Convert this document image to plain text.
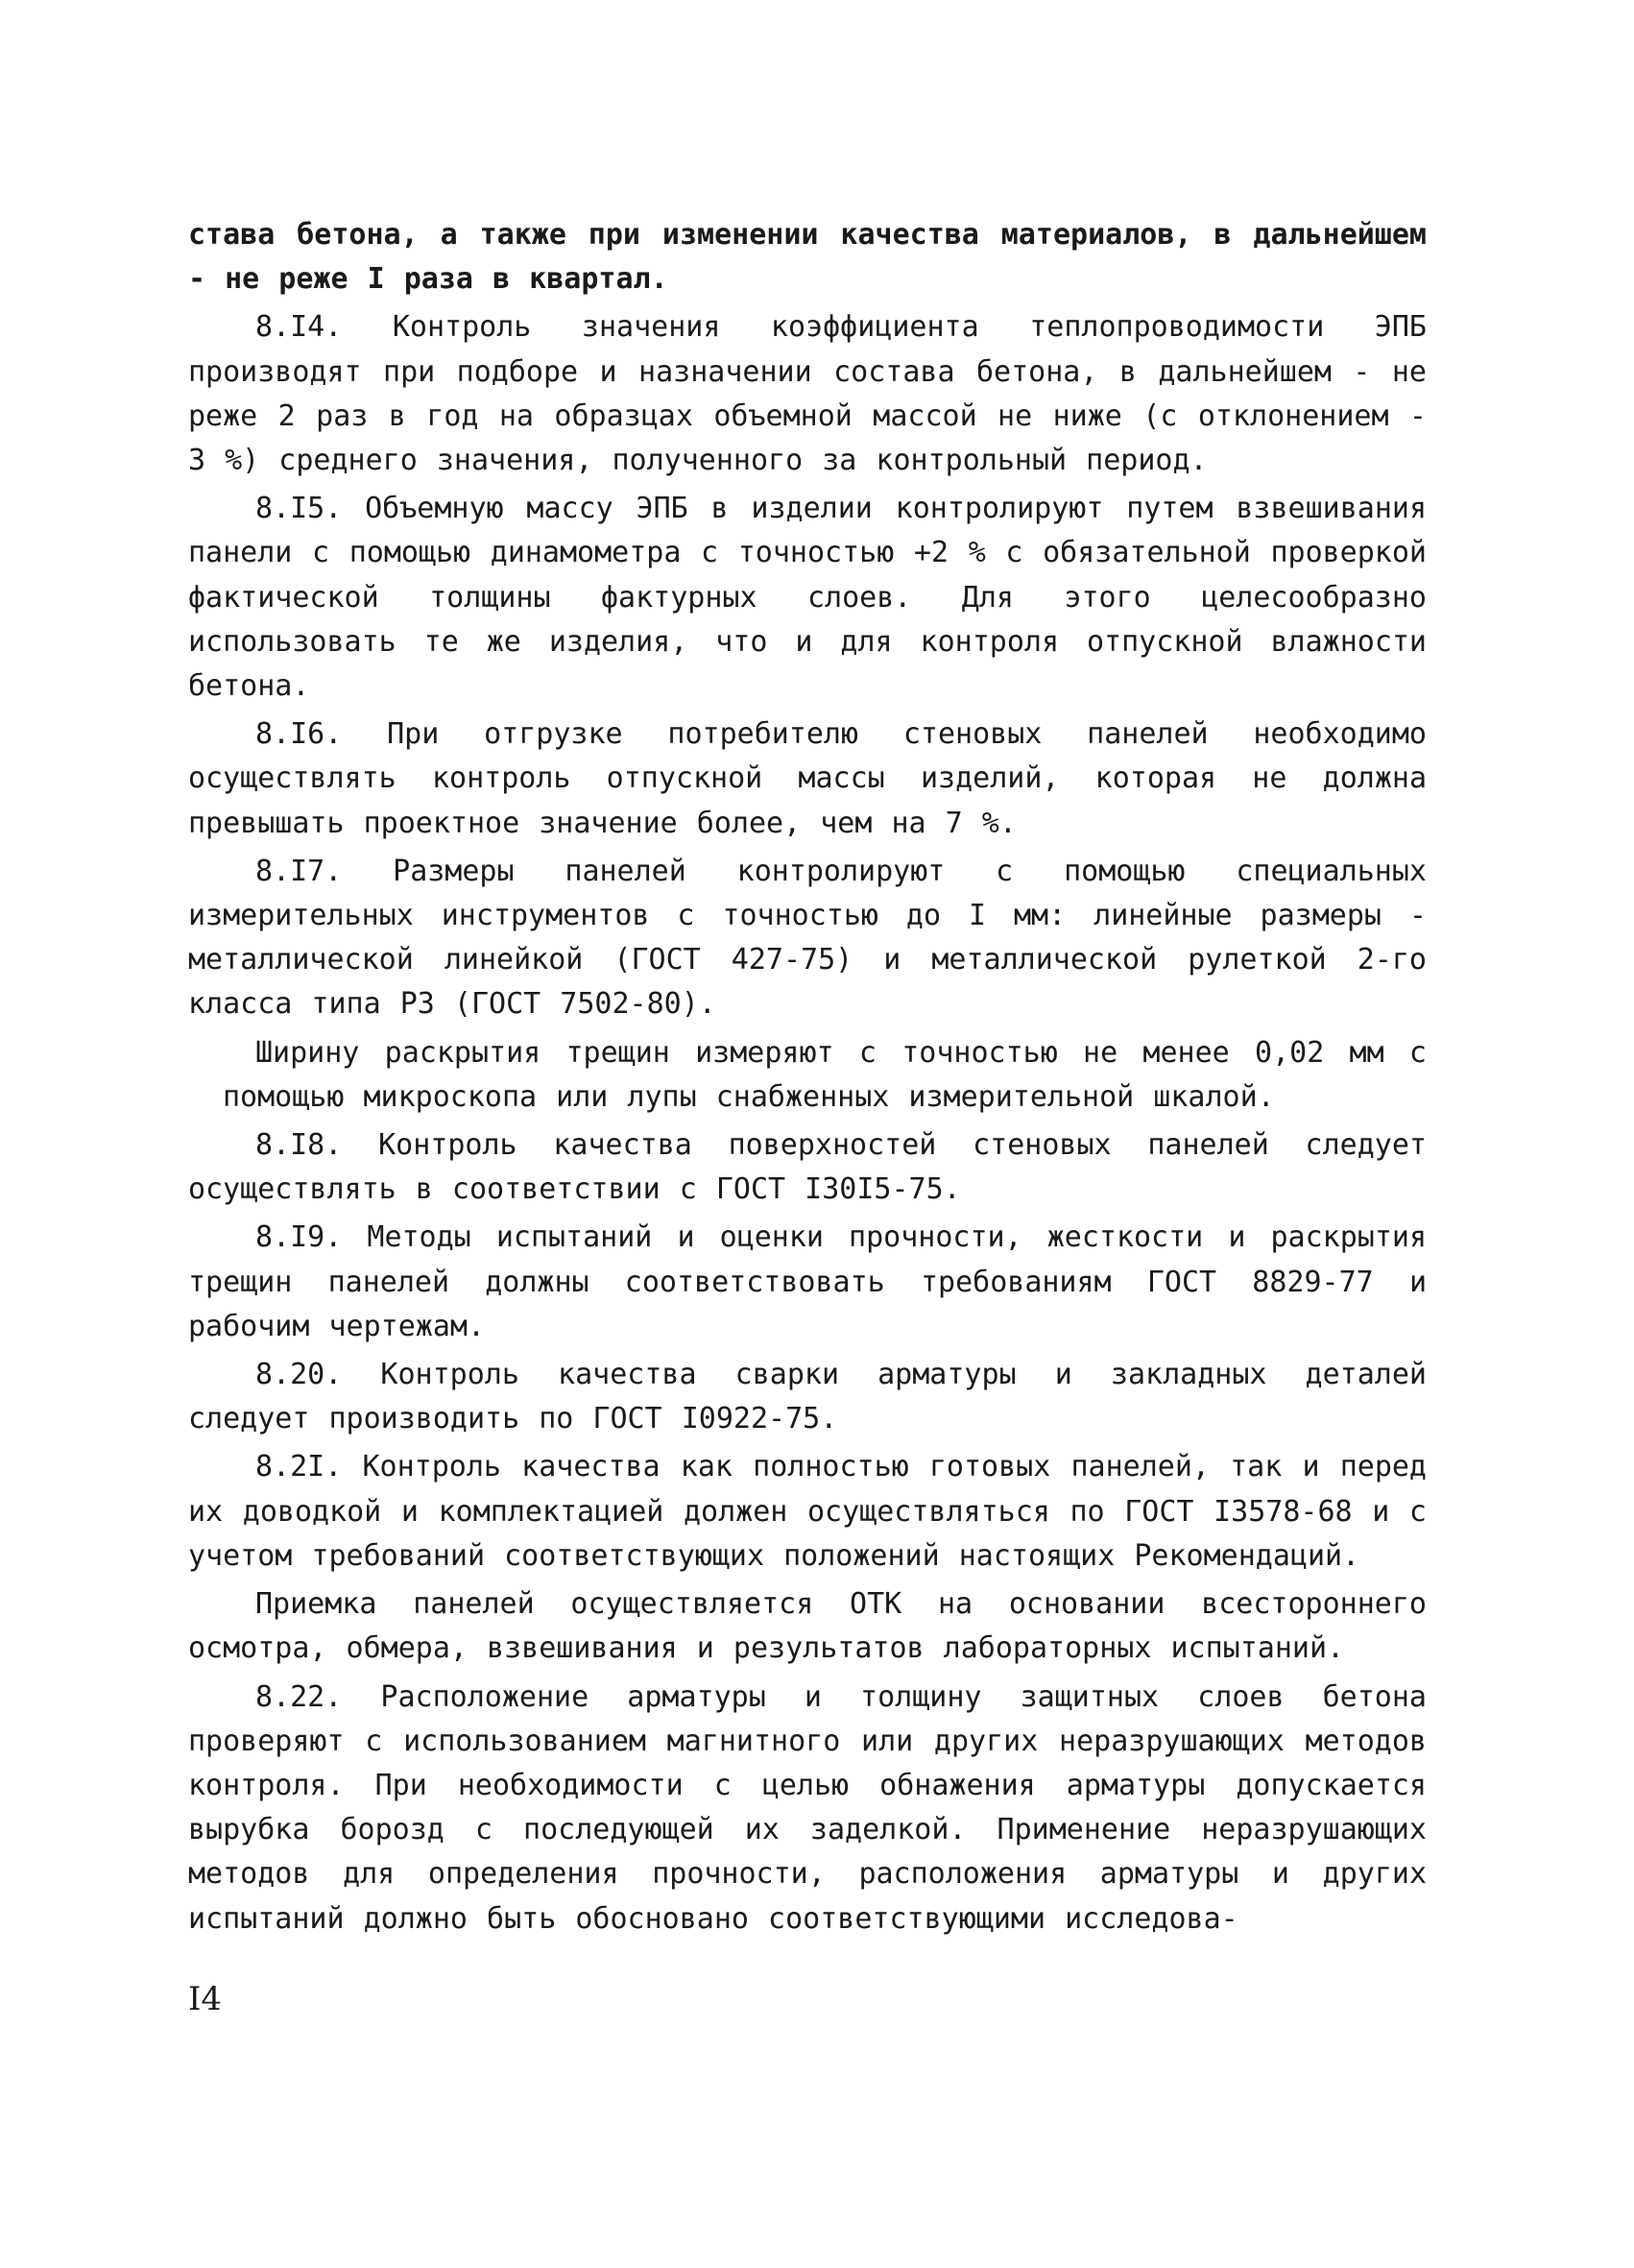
става бетона, а также при изменении качества материалов, в дальнейшем - не реже I раза в квартал.

8.I4. Контроль значения коэффициента теплопроводимости ЭПБ производят при подборе и назначении состава бетона, в дальнейшем - не реже 2 раз в год на образцах объемной массой не ниже (с отклонением - 3 %) среднего значения, полученного за контрольный период.

8.I5. Объемную массу ЭПБ в изделии контролируют путем взвешивания панели с помощью динамометра с точностью +2 % с обязательной проверкой фактической толщины фактурных слоев. Для этого целесообразно использовать те же изделия, что и для контроля отпускной влажности бетона.

8.I6. При отгрузке потребителю стеновых панелей необходимо осуществлять контроль отпускной массы изделий, которая не должна превышать проектное значение более, чем на 7 %.

8.I7. Размеры панелей контролируют с помощью специальных измерительных инструментов с точностью до I мм: линейные размеры - металлической линейкой (ГОСТ 427-75) и металлической рулеткой 2-го класса типа Р3 (ГОСТ 7502-80).

Ширину раскрытия трещин измеряют с точностью не менее 0,02 мм с помощью микроскопа или лупы снабженных измерительной шкалой.

8.I8. Контроль качества поверхностей стеновых панелей следует осуществлять в соответствии с ГОСТ I30I5-75.

8.I9. Методы испытаний и оценки прочности, жесткости и раскрытия трещин панелей должны соответствовать требованиям ГОСТ 8829-77 и рабочим чертежам.

8.20. Контроль качества сварки арматуры и закладных деталей следует производить по ГОСТ I0922-75.

8.2I. Контроль качества как полностью готовых панелей, так и перед их доводкой и комплектацией должен осуществляться по ГОСТ I3578-68 и с учетом требований соответствующих положений настоящих Рекомендаций.

Приемка панелей осуществляется ОТК на основании всестороннего осмотра, обмера, взвешивания и результатов лабораторных испытаний.

8.22. Расположение арматуры и толщину защитных слоев бетона проверяют с использованием магнитного или других неразрушающих методов контроля. При необходимости с целью обнажения арматуры допускается вырубка борозд с последующей их заделкой. Применение неразрушающих методов для определения прочности, расположения арматуры и других испытаний должно быть обосновано соответствующими исследова-

I4
